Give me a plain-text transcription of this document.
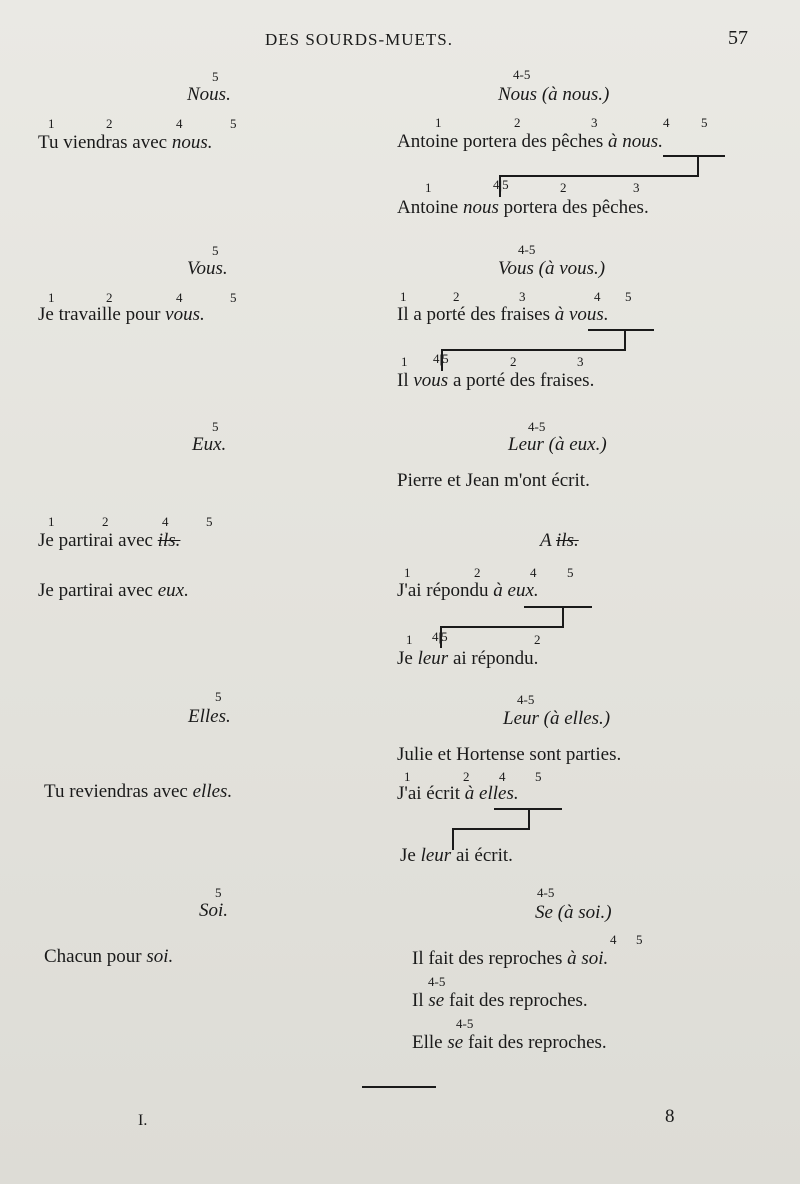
DES SOURDS-MUETS.	57
5
Nous.
1	2	4	5
Tu viendras avec nous.
5
Vous.
1	2	4	5
Je travaille pour vous.
5
Eux.
1	2	4	5
Je partirai avec ils.
Je partirai avec eux.
5
Elles.
Tu reviendras avec elles.
5
Soi.
Chacun pour soi.
4-5
Nous (à nous.)
1	2	3	4 5
Antoine portera des pêches à nous.
1	4|5	2	3
Antoine nous portera des pêches.
4-5
Vous (à vous.)
1	2	3	4 5
Il a porté des fraises à vous.
1 4|5	2	3
Il vous a porté des fraises.
4-5
Leur (à eux.)
Pierre et Jean m'ont écrit.
A ils.
1	2	4 5
J'ai répondu à eux.
1 4|5	2
Je leur ai répondu.
4-5
Leur (à elles.)
Julie et Hortense sont parties.
1	2 4 5
J'ai écrit à elles.
Je leur ai écrit.
4-5
Se (à soi.)
4 5
Il fait des reproches à soi.
4-5
Il se fait des reproches.
4-5
Elle se fait des reproches.
I.	8
